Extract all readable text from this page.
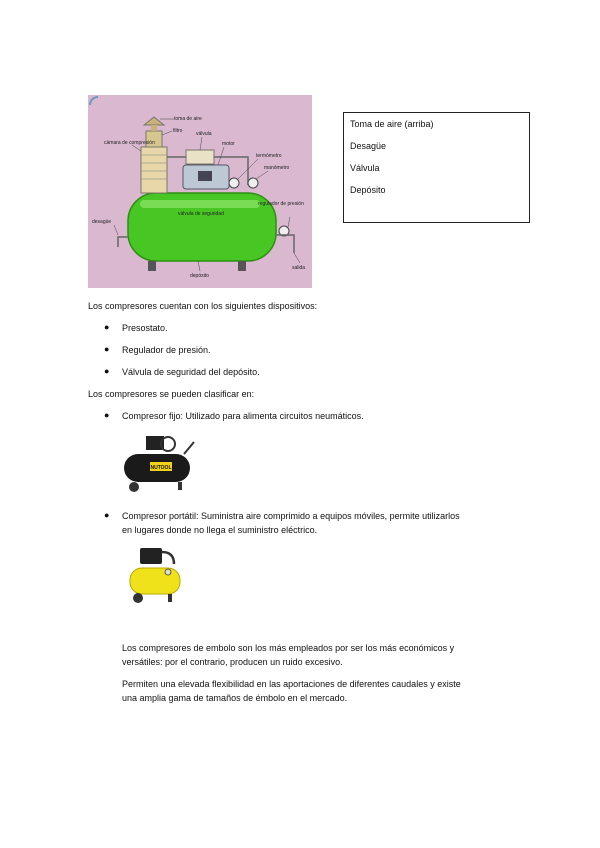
toma de aire
filtro	válvula
cámara de compresión	motor
termómetro
manómetro
válvula de seguridad
regulador de presión
desagüe
salida
depósito
Toma de aire (arriba)
Desagüe
Válvula
Depósito
Los compresores cuentan con los siguientes dispositivos:
● Presostato.
● Regulador de presión.
● Válvula de seguridad del depósito.
Los compresores se pueden clasificar en:
● Compresor fijo: Utilizado para alimenta circuitos neumáticos.
NUTOOL
● Compresor portátil: Suministra aire comprimido a equipos móviles, permite utilizarlos
en lugares donde no llega el suministro eléctrico.
Los compresores de embolo son los más empleados por ser los más económicos y
versátiles: por el contrario, producen un ruido excesivo.
Permiten una elevada flexibilidad en las aportaciones de diferentes caudales y existe
una amplia gama de tamaños de émbolo en el mercado.
